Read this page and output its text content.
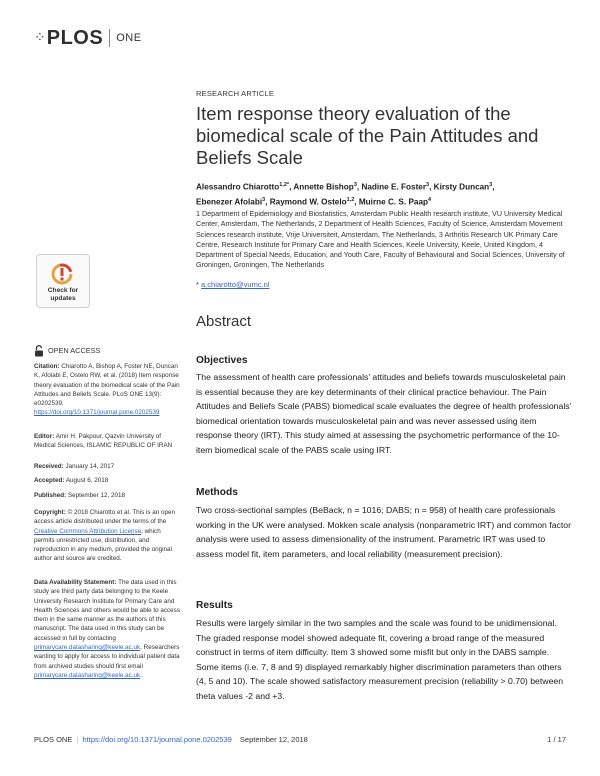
⁘ PLOS ONE
RESEARCH ARTICLE
Item response theory evaluation of the biomedical scale of the Pain Attitudes and Beliefs Scale
Alessandro Chiarotto$^{1,2*}$, Annette Bishop$^3$, Nadine E. Foster$^3$, Kirsty Duncan$^3$,
Ebenezer Afolabi$^3$, Raymond W. Ostelo$^{1,2}$, Muirne C. S. Paap$^4$
1 Department of Epidemiology and Biostatistics, Amsterdam Public Health research institute, VU University Medical Center, Amsterdam, The Netherlands, 2 Department of Health Sciences, Faculty of Science, Amsterdam Movement Sciences research institute, Vrije Universiteit, Amsterdam, The Netherlands, 3 Arthritis Research UK Primary Care Centre, Research Institute for Primary Care and Health Sciences, Keele University, Keele, United Kingdom, 4 Department of Special Needs, Education, and Youth Care, Faculty of Behavioural and Social Sciences, University of Groningen, Groningen, The Netherlands
* a.chiarotto@vumc.nl
Abstract
Objectives
The assessment of health care professionals’ attitudes and beliefs towards musculoskeletal pain is essential because they are key determinants of their clinical practice behaviour. The Pain Attitudes and Beliefs Scale (PABS) biomedical scale evaluates the degree of health professionals’ biomedical orientation towards musculoskeletal pain and was never assessed using item response theory (IRT). This study aimed at assessing the psychometric performance of the 10-item biomedical scale of the PABS scale using IRT.
Methods
Two cross-sectional samples (BeBack, n = 1016; DABS; n = 958) of health care professionals working in the UK were analysed. Mokken scale analysis (nonparametric IRT) and common factor analysis were used to assess dimensionality of the instrument. Parametric IRT was used to assess model fit, item parameters, and local reliability (measurement precision).
Results
Results were largely similar in the two samples and the scale was found to be unidimensional. The graded response model showed adequate fit, covering a broad range of the measured construct in terms of item difficulty. Item 3 showed some misfit but only in the DABS sample. Some items (i.e. 7, 8 and 9) displayed remarkably higher discrimination parameters than others (4, 5 and 10). The scale showed satisfactory measurement precision (reliability > 0.70) between theta values -2 and +3.
Check for
updates
OPEN ACCESS
Citation: Chiarotto A, Bishop A, Foster NE, Duncan K, Afolabi E, Ostelo RW, et al. (2018) Item response theory evaluation of the biomedical scale of the Pain Attitudes and Beliefs Scale. PLoS ONE 13(9): e0202539. https://doi.org/10.1371/journal.pone.0202539
Editor: Amir H. Pakpour, Qazvin University of Medical Sciences, ISLAMIC REPUBLIC OF IRAN
Received: January 14, 2017
Accepted: August 6, 2018
Published: September 12, 2018
Copyright: © 2018 Chiarotto et al. This is an open access article distributed under the terms of the Creative Commons Attribution License, which permits unrestricted use, distribution, and reproduction in any medium, provided the original author and source are credited.
Data Availability Statement: The data used in this study are third party data belonging to the Keele University Research Institute for Primary Care and Health Sciences and others would be able to access them in the same manner as the authors of this manuscript. The data used in this study can be accessed in full by contacting primarycare.datasharing@keele.ac.uk. Researchers wanting to apply for access to individual patient data from archived studies should first email primarycare.datasharing@keele.ac.uk.
PLOS ONE | https://doi.org/10.1371/journal.pone.0202539 September 12, 2018	1 / 17
